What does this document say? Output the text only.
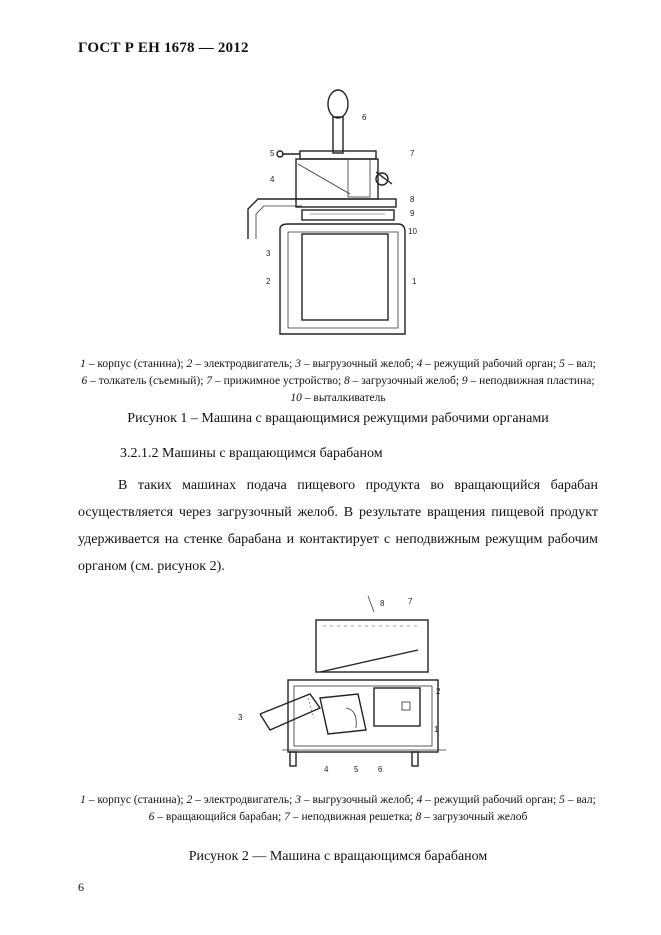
ГОСТ Р ЕН 1678 — 2012
6
5
4
7
8
9
10
3
2	1
1 – корпус (станина); 2 – электродвигатель; 3 – выгрузочный желоб; 4 – режущий рабочий орган; 5 – вал; 6 – толкатель (съемный); 7 – прижимное устройство; 8 – загрузочный желоб; 9 – неподвижная пластина; 10 – выталкиватель
Рисунок 1 – Машина с вращающимися режущими рабочими органами
3.2.1.2 Машины с вращающимся барабаном
В таких машинах подача пищевого продукта во вращающийся барабан осуществляется через загрузочный желоб. В результате вращения пищевой продукт удерживается на стенке барабана и контактирует с неподвижным режущим рабочим органом (см. рисунок 2).
8	7
2
1
3
4	5 6
1 – корпус (станина); 2 – электродвигатель; 3 – выгрузочный желоб; 4 – режущий рабочий орган; 5 – вал; 6 – вращающийся барабан; 7 – неподвижная решетка; 8 – загрузочный желоб
Рисунок 2 — Машина с вращающимся барабаном
6
